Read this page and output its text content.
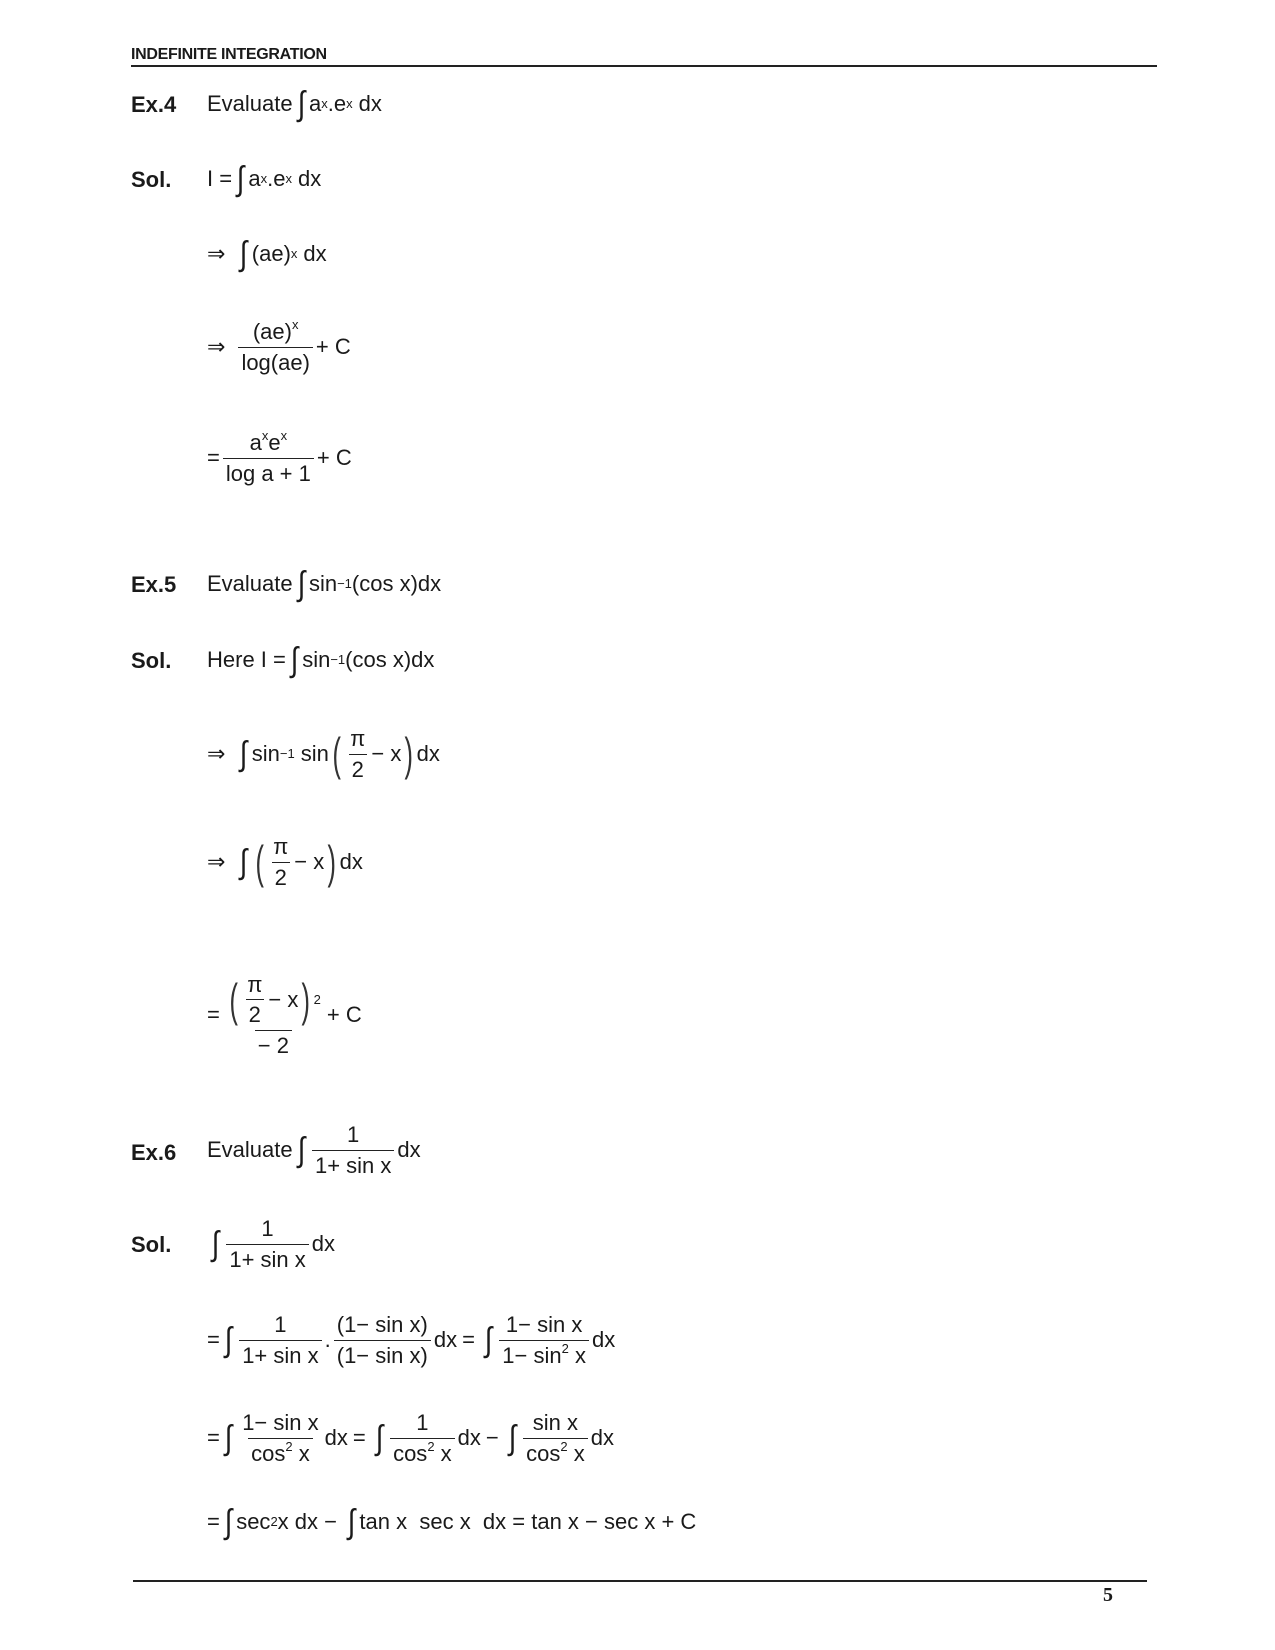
INDEFINITE INTEGRATION
Ex.4 Evaluate ∫ a x . e x dx
Sol. I = ∫ a x . e x dx
⇒ ∫ (ae) x dx
⇒ $\frac{(ae)^x}{\log(ae)} + C$
= $\frac{a^xe^x}{\text{log a + 1}} + C$
Ex.5 Evaluate ∫ sin −1 (cos x) dx
Sol. Here I = ∫ sin −1 (cos x) dx
⇒ ∫ sin −1 sin ( $\frac{\pi}{2} - x$ ) dx
⇒ ∫ ( $\frac{\pi}{2} - x$ ) dx
= $\frac{( \frac{\pi}{2} - x ) 2}{- 2} + C$
Ex.6 Evaluate ∫ $\frac{1}{\text{1+ sin x}}$ dx
Sol. ∫ $\frac{1}{\text{1+ sin x}}$ dx
= ∫ $\frac{1}{\text{1+ sin x}}$ . $\frac{\text{(1− sin x)}}{\text{(1− sin x)}}$ dx = ∫ $\frac{\text{1− sin x}}{1- \sin^2 x}$ dx
= ∫ $\frac{\text{1− sin x}}{\cos^2 x}$ dx = ∫ $\frac{1}{\cos^2 x}$ dx − ∫ $\frac{\text{sin x}}{\cos^2 x}$ dx
= ∫ sec 2 x dx − ∫ tan x  sec x  dx = tan x − sec x + C
5
